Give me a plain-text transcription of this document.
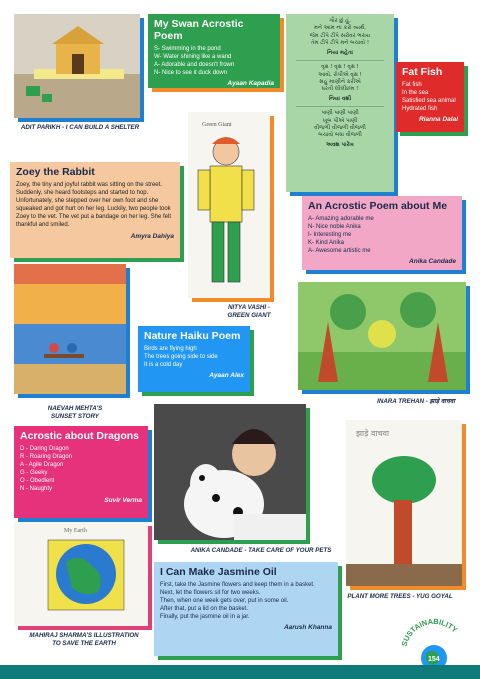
ADIT PARIKH - I CAN BUILD A SHELTER
My Swan Acrostic Poem

S- Swimming in the pond

W- Water shining like a wand

A- Adorable and doesn't frown

N- Nice to see it duck down

Ayaan Kapadia
ગૌર છું હું,
મને આમ ના કરો વ્યર્થ,
જેમ ટીપે ટીપે સરોવર ભરાય
તેમ ટીપે ટીપે મને બચાવો !
નિયા મહેતા
વૃક્ષ ! વૃક્ષ ! વૃક્ષ !
આવો, રોપીએ વૃક્ષ !
સહુ માણીને કરીએ
ધરતી લીલીછમ !
નિયા વશી
પાણી પાણી પાણી
ખૂબ પીએ પાણી
વીજળી વીજળી વીજળી
બચાવો બધા વીજળી
અવશ પારેખ
Fat Fish

Fat fish

In the sea

Satisfied sea animal

Hydrated fish

Rianna Dalal
Zoey the Rabbit

Zoey, the tiny and joyful rabbit was sitting on the street. Suddenly, she heard footsteps and started to hop. Unfortunately, she stepped over her own foot and she squeaked and got hurt on her leg. Luckily, two people took Zoey to the vet. The vet put a bandage on her leg. She felt thankful and smiled.

Amyra Dahiya
Green Giant
NITYA VASHI -
GREEN GIANT
An Acrostic Poem about Me

A- Amazing adorable me

N- Nice noble Anika

I- Interesting me

K- Kind Anika

A- Awesome artistic me

Anika Candade
NAEVAH MEHTA'S
SUNSET STORY
Nature Haiku Poem

Birds are flying high

The trees going side to side

It is a cold day

Ayaan Alex
INARA TREHAN - झाड़े वाचवा
Acrostic about Dragons

D - Daring Dragon

R - Roaring Dragon

A - Agile Dragon

G - Geeky

O - Obedient

N - Naughty

Suvir Verma
ANIKA CANDADE - TAKE CARE OF YOUR PETS
झाड़े वाचवा
PLANT MORE TREES - YUG GOYAL
My Earth
MAHIRAJ SHARMA'S ILLUSTRATION
TO SAVE THE EARTH
I Can Make Jasmine Oil

First, take the Jasmine flowers and keep them in a basket.

Next, let the flowers sit for two weeks.

Then, when one week gets over, put in some oil.

After that, put a lid on the basket.

Finally, put the jasmine oil in a jar.

Aarush Khanna
SUSTAINABILITY
154
